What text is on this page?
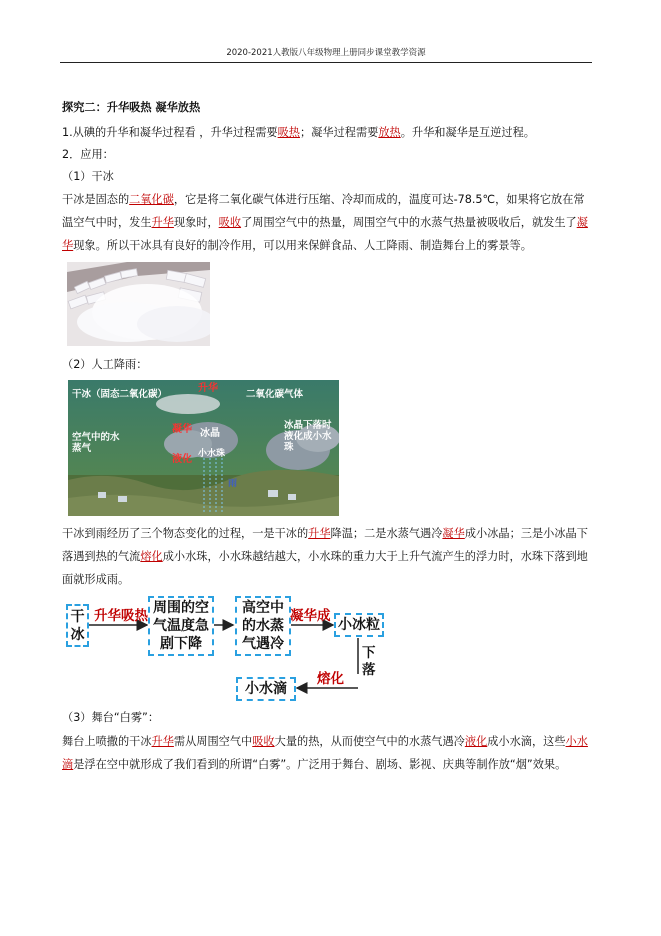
2020-2021人教版八年级物理上册同步课堂教学资源

探究二：升华吸热 凝华放热

1.从碘的升华和凝华过程看 ，升华过程需要吸热；凝华过程需要放热。升华和凝华是互逆过程。

2．应用：

（1）干冰

干冰是固态的二氧化碳，它是将二氧化碳气体进行压缩、冷却而成的，温度可达-78.5℃，如果将它放在常温空气中时，发生升华现象时，吸收了周围空气中的热量，周围空气中的水蒸气热量被吸收后，就发生了凝华现象。所以干冰具有良好的制冷作用，可以用来保鲜食品、人工降雨、制造舞台上的雾景等。

（2）人工降雨：

干冰（固态二氧化碳）
升华
二氧化碳气体
凝华
空气中的水蒸气
液化
冰晶
小水珠
冰晶下落时液化成小水珠
雨

干冰到雨经历了三个物态变化的过程，一是干冰的升华降温；二是水蒸气遇冷凝华成小冰晶；三是小冰晶下落遇到热的气流熔化成小水珠，小水珠越结越大，小水珠的重力大于上升气流产生的浮力时，水珠下落到地面就形成雨。

干冰
升华吸热 周围的空气温度急剧下降
高空中的水蒸气遇冷
凝华成
小冰粒
下落
熔化
小水滴

（3）舞台“白雾”：

舞台上喷撒的干冰升华需从周围空气中吸收大量的热，从而使空气中的水蒸气遇冷液化成小水滴，这些小水滴是浮在空中就形成了我们看到的所谓“白雾”。广泛用于舞台、剧场、影视、庆典等制作放“烟”效果。
